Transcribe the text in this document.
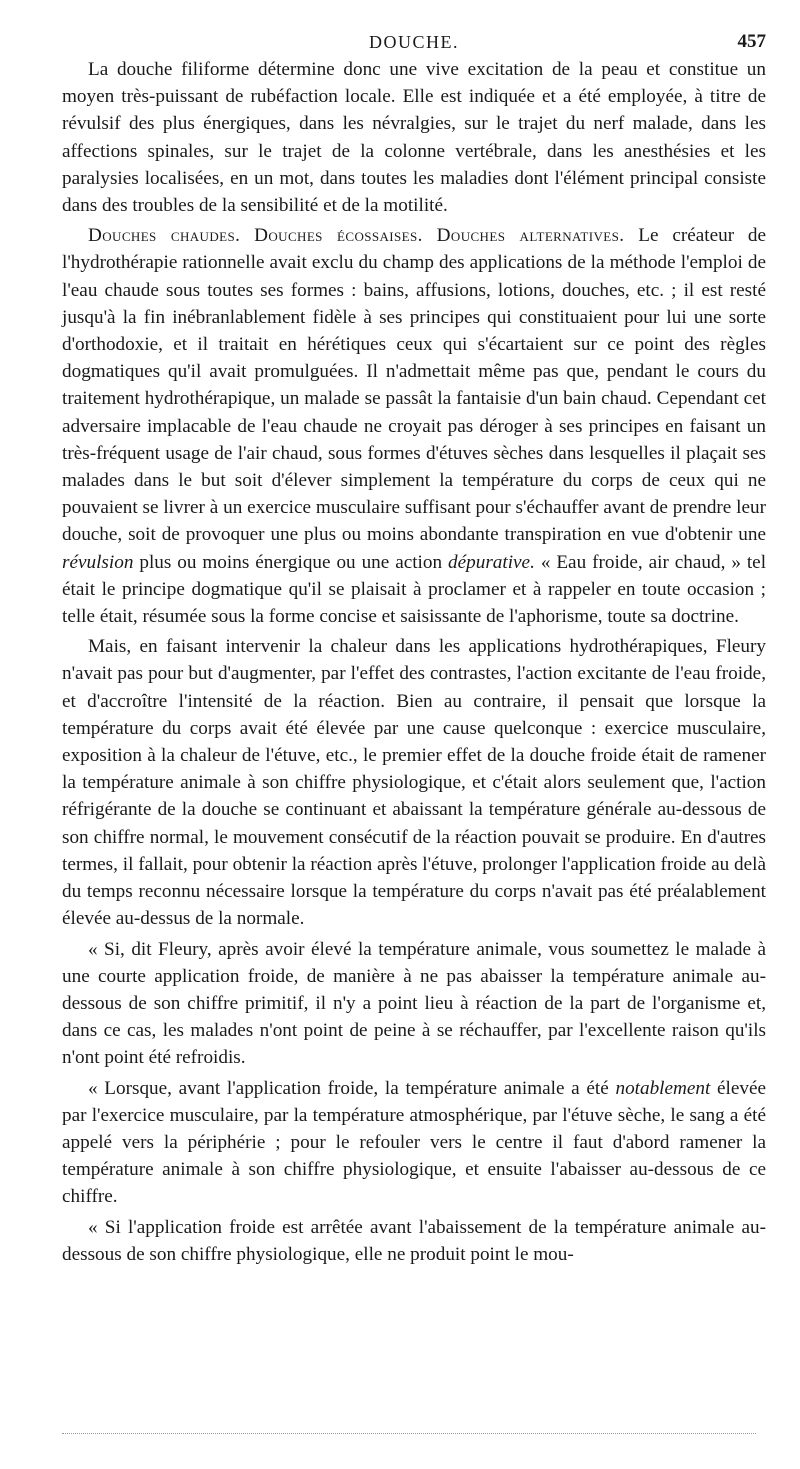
DOUCHE.	457

La douche filiforme détermine donc une vive excitation de la peau et constitue un moyen très-puissant de rubéfaction locale. Elle est indiquée et a été employée, à titre de révulsif des plus énergiques, dans les névralgies, sur le trajet du nerf malade, dans les affections spinales, sur le trajet de la colonne vertébrale, dans les anesthésies et les paralysies localisées, en un mot, dans toutes les maladies dont l'élément principal consiste dans des troubles de la sensibilité et de la motilité.

Douches chaudes. Douches écossaises. Douches alternatives. Le créateur de l'hydrothérapie rationnelle avait exclu du champ des applications de la méthode l'emploi de l'eau chaude sous toutes ses formes : bains, affusions, lotions, douches, etc. ; il est resté jusqu'à la fin inébranlablement fidèle à ses principes qui constituaient pour lui une sorte d'orthodoxie, et il traitait en hérétiques ceux qui s'écartaient sur ce point des règles dogmatiques qu'il avait promulguées. Il n'admettait même pas que, pendant le cours du traitement hydrothérapique, un malade se passât la fantaisie d'un bain chaud. Cependant cet adversaire implacable de l'eau chaude ne croyait pas déroger à ses principes en faisant un très-fréquent usage de l'air chaud, sous formes d'étuves sèches dans lesquelles il plaçait ses malades dans le but soit d'élever simplement la température du corps de ceux qui ne pouvaient se livrer à un exercice musculaire suffisant pour s'échauffer avant de prendre leur douche, soit de provoquer une plus ou moins abondante transpiration en vue d'obtenir une révulsion plus ou moins énergique ou une action dépurative. « Eau froide, air chaud, » tel était le principe dogmatique qu'il se plaisait à proclamer et à rappeler en toute occasion ; telle était, résumée sous la forme concise et saisissante de l'aphorisme, toute sa doctrine.

Mais, en faisant intervenir la chaleur dans les applications hydrothérapiques, Fleury n'avait pas pour but d'augmenter, par l'effet des contrastes, l'action excitante de l'eau froide, et d'accroître l'intensité de la réaction. Bien au contraire, il pensait que lorsque la température du corps avait été élevée par une cause quelconque : exercice musculaire, exposition à la chaleur de l'étuve, etc., le premier effet de la douche froide était de ramener la température animale à son chiffre physiologique, et c'était alors seulement que, l'action réfrigérante de la douche se continuant et abaissant la température générale au-dessous de son chiffre normal, le mouvement consécutif de la réaction pouvait se produire. En d'autres termes, il fallait, pour obtenir la réaction après l'étuve, prolonger l'application froide au delà du temps reconnu nécessaire lorsque la température du corps n'avait pas été préalablement élevée au-dessus de la normale.

« Si, dit Fleury, après avoir élevé la température animale, vous soumettez le malade à une courte application froide, de manière à ne pas abaisser la température animale au-dessous de son chiffre primitif, il n'y a point lieu à réaction de la part de l'organisme et, dans ce cas, les malades n'ont point de peine à se réchauffer, par l'excellente raison qu'ils n'ont point été refroidis.

« Lorsque, avant l'application froide, la température animale a été notablement élevée par l'exercice musculaire, par la température atmosphérique, par l'étuve sèche, le sang a été appelé vers la périphérie ; pour le refouler vers le centre il faut d'abord ramener la température animale à son chiffre physiologique, et ensuite l'abaisser au-dessous de ce chiffre.

« Si l'application froide est arrêtée avant l'abaissement de la température animale au-dessous de son chiffre physiologique, elle ne produit point le mou-
